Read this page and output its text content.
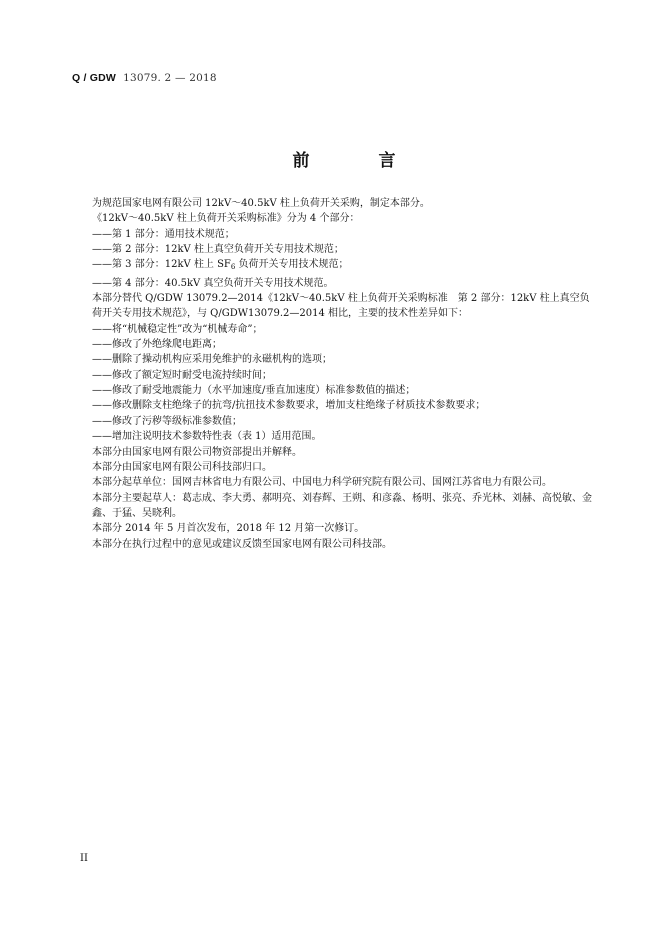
Q / GDW 13079. 2 — 2018
前　言

为规范国家电网有限公司 12kV～40.5kV 柱上负荷开关采购，制定本部分。

《12kV～40.5kV 柱上负荷开关采购标准》分为 4 个部分：

——第 1 部分：通用技术规范；

——第 2 部分：12kV 柱上真空负荷开关专用技术规范；

——第 3 部分：12kV 柱上 $SF_6$ 负荷开关专用技术规范；

——第 4 部分：40.5kV 真空负荷开关专用技术规范。

本部分替代 Q/GDW 13079.2—2014《12kV～40.5kV 柱上负荷开关采购标准　第 2 部分：12kV 柱上真空负荷开关专用技术规范》，与 Q/GDW13079.2—2014 相比，主要的技术性差异如下：

——将“机械稳定性”改为“机械寿命”；

——修改了外绝缘爬电距离；

——删除了操动机构应采用免维护的永磁机构的选项；

——修改了额定短时耐受电流持续时间；

——修改了耐受地震能力（水平加速度/垂直加速度）标准参数值的描述；

——修改删除支柱绝缘子的抗弯/抗扭技术参数要求，增加支柱绝缘子材质技术参数要求；

——修改了污秽等级标准参数值；

——增加注说明技术参数特性表（表 1）适用范围。

本部分由国家电网有限公司物资部提出并解释。

本部分由国家电网有限公司科技部归口。

本部分起草单位：国网吉林省电力有限公司、中国电力科学研究院有限公司、国网江苏省电力有限公司。

本部分主要起草人：葛志成、李大勇、郝明亮、刘春辉、王朔、和彦淼、杨明、张亮、乔光林、刘赫、高悦敏、金鑫、于猛、吴晓利。

本部分 2014 年 5 月首次发布，2018 年 12 月第一次修订。

本部分在执行过程中的意见或建议反馈至国家电网有限公司科技部。

II
